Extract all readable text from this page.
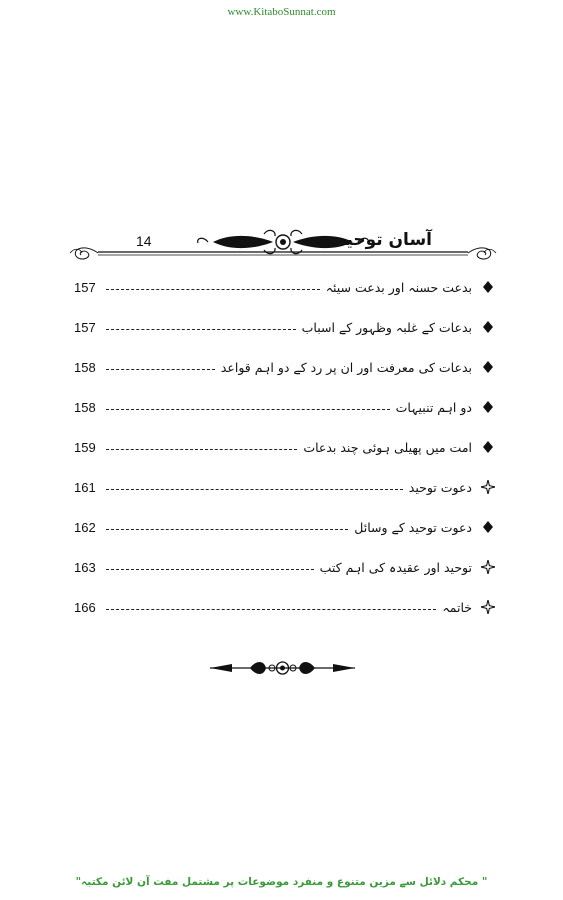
www.KitaboSunnat.com
14	آسان توحید
بدعت حسنہ اور بدعت سیئہ
157
بدعات کے غلبہ وظہور کے اسباب
157
بدعات کی معرفت اور ان پر رد کے دو اہم قواعد
158
دو اہم تنبیہات
158
امت میں پھیلی ہوئی چند بدعات
159
دعوت توحید
161
دعوت توحید کے وسائل
162
توحید اور عقیدہ کی اہم کتب
163
خاتمہ
166
" محکم دلائل سے مزین متنوع و منفرد موضوعات پر مشتمل مفت آن لائن مکتبہ"
